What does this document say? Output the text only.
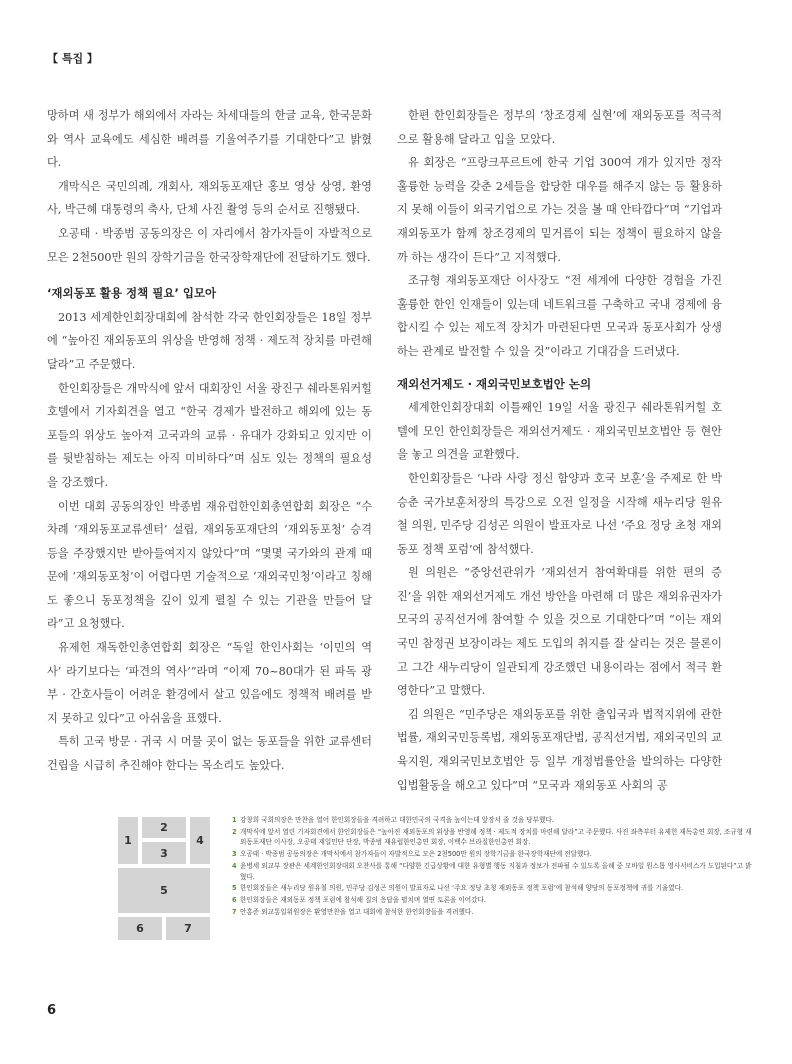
【 특집 】

망하며 새 정부가 해외에서 자라는 차세대들의 한글 교육, 한국문화와 역사 교육에도 세심한 배려를 기울여주기를 기대한다”고 밝혔다.

개막식은 국민의례, 개회사, 재외동포재단 홍보 영상 상영, 환영사, 박근혜 대통령의 축사, 단체 사진 촬영 등의 순서로 진행됐다.

오공태 · 박종범 공동의장은 이 자리에서 참가자들이 자발적으로 모은 2천500만 원의 장학기금을 한국장학재단에 전달하기도 했다.

‘재외동포 활용 정책 필요’ 입모아

2013 세계한인회장대회에 참석한 각국 한인회장들은 18일 정부에 “높아진 재외동포의 위상을 반영해 정책 · 제도적 장치를 마련해 달라”고 주문했다.

한인회장들은 개막식에 앞서 대회장인 서울 광진구 쉐라톤워커힐 호텔에서 기자회견을 열고 “한국 경제가 발전하고 해외에 있는 동포들의 위상도 높아져 고국과의 교류 · 유대가 강화되고 있지만 이를 뒷받침하는 제도는 아직 미비하다”며 심도 있는 정책의 필요성을 강조했다.

이번 대회 공동의장인 박종범 재유럽한인회총연합회 회장은 “수차례 ‘재외동포교류센터’ 설립, 재외동포재단의 ‘재외동포청’ 승격 등을 주장했지만 받아들여지지 않았다”며 “몇몇 국가와의 관계 때문에 ‘재외동포청’이 어렵다면 기술적으로 ‘재외국민청’이라고 칭해도 좋으니 동포정책을 깊이 있게 펼칠 수 있는 기관을 만들어 달라”고 요청했다.

유제헌 재독한인총연합회 회장은 “독일 한인사회는 ‘이민의 역사’ 라기보다는 ‘파견의 역사’”라며 “이제 70~80대가 된 파독 광부 · 간호사들이 어려운 환경에서 살고 있음에도 정책적 배려를 받지 못하고 있다”고 아쉬움을 표했다.

특히 고국 방문 · 귀국 시 머물 곳이 없는 동포들을 위한 교류센터 건립을 시급히 추진해야 한다는 목소리도 높았다.

한편 한인회장들은 정부의 ‘창조경제 실현’에 재외동포를 적극적으로 활용해 달라고 입을 모았다.

유 회장은 “프랑크푸르트에 한국 기업 300여 개가 있지만 정작 훌륭한 능력을 갖춘 2세들을 합당한 대우를 해주지 않는 등 활용하지 못해 이들이 외국기업으로 가는 것을 볼 때 안타깝다”며 “기업과 재외동포가 함께 창조경제의 밑거름이 되는 정책이 필요하지 않을까 하는 생각이 든다”고 지적했다.

조규형 재외동포재단 이사장도 “전 세계에 다양한 경험을 가진 훌륭한 한인 인재들이 있는데 네트워크를 구축하고 국내 경제에 융합시킬 수 있는 제도적 장치가 마련된다면 모국과 동포사회가 상생하는 관계로 발전할 수 있을 것”이라고 기대감을 드러냈다.

재외선거제도 · 재외국민보호법안 논의

세계한인회장대회 이틀째인 19일 서울 광진구 쉐라톤워커힐 호텔에 모인 한인회장들은 재외선거제도 · 재외국민보호법안 등 현안을 놓고 의견을 교환했다.

한인회장들은 ‘나라 사랑 정신 함양과 호국 보훈’을 주제로 한 박승춘 국가보훈처장의 특강으로 오전 일정을 시작해 새누리당 원유철 의원, 민주당 김성곤 의원이 발표자로 나선 ‘주요 정당 초청 재외동포 정책 포럼’에 참석했다.

원 의원은 “중앙선관위가 ‘재외선거 참여확대를 위한 편의 증진’을 위한 재외선거제도 개선 방안을 마련해 더 많은 재외유권자가 모국의 공직선거에 참여할 수 있을 것으로 기대한다”며 “이는 재외국민 참정권 보장이라는 제도 도입의 취지를 잘 살리는 것은 물론이고 그간 새누리당이 일관되게 강조했던 내용이라는 점에서 적극 환영한다”고 말했다.

김 의원은 “민주당은 재외동포를 위한 출입국과 법적지위에 관한 법률, 재외국민등록법, 재외동포재단법, 공직선거법, 재외국민의 교육지원, 재외국민보호법안 등 일부 개정법률안을 발의하는 다양한 입법활동을 해오고 있다”며 “모국과 재외동포 사회의 공

1
2
3
4
5
6	7
1 강창희 국회의장은 만찬을 열어 한인회장들을 격려하고 대한민국의 국격을 높이는데 앞장서 줄 것을 당부했다.
2 개막식에 앞서 열린 기자회견에서 한인회장들은 “높아진 재외동포의 위상을 반영해 정책 · 제도적 장치를 마련해 달라”고 주문했다. 사진 좌측부터 유제헌 재독총연 회장, 조규형 재외동포재단 이사장, 오공태 재일민단 단장, 박종범 재유럽한인총연 회장, 이백수 브라질한인총연 회장.
3 오공태 · 박종범 공동의장은 개막식에서 참가자들이 자발적으로 모은 2천500만 원의 장학기금을 한국장학재단에 전달했다.
4 윤병세 외교부 장관은 세계한인회장대회 오찬사를 통해 “다양한 긴급상황에 대한 유형별 행동 지침과 정보가 전파될 수 있도록 올해 중 모바일 원스톱 영사서비스가 도입된다”고 밝혔다.
5 한인회장들은 새누리당 원유철 의원, 민주당 김성곤 의원이 발표자로 나선 ‘주요 정당 초청 재외동포 정책 포럼’에 참석해 양당의 동포정책에 귀를 기울였다.
6 한인회장들은 재외동포 정책 포럼에 참석해 질의 응답을 펼치며 열띤 토론을 이어갔다.
7 안홍준 외교통일위원장은 환영만찬을 열고 대회에 참석한 한인회장들을 격려했다.
6
